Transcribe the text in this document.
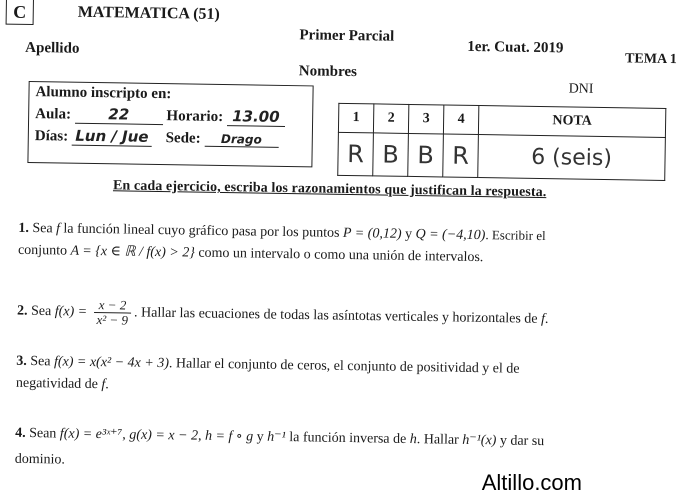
C	MATEMATICA (51)
Primer Parcial
1er. Cuat. 2019
TEMA 1
Apellido
Nombres
DNI
Alumno inscripto en:
Aula: 22 Horario: 13.00
Días: Lun / Jue Sede: Drago
1	2	3	4	NOTA
R	B	B	R	6 (seis)
En cada ejercicio, escriba los razonamientos que justifican la respuesta.
1. Sea f la función lineal cuyo gráfico pasa por los puntos P = (0,12) y Q = (−4,10). Escribir el
conjunto A = {x ∈ ℝ / f(x) > 2} como un intervalo o como una unión de intervalos.
2. Sea $f(x) = \frac{x - 2}{\text{x² − 9}}$ . Hallar las ecuaciones de todas las asíntotas verticales y horizontales de f.
3. Sea f(x) = x(x² − 4x + 3). Hallar el conjunto de ceros, el conjunto de positividad y el de
negatividad de f.
4. Sean f(x) = e³ˣ⁺⁷, g(x) = x − 2, h = f ∘ g y h⁻¹ la función inversa de h. Hallar h⁻¹(x) y dar su
dominio.
Altillo.com
